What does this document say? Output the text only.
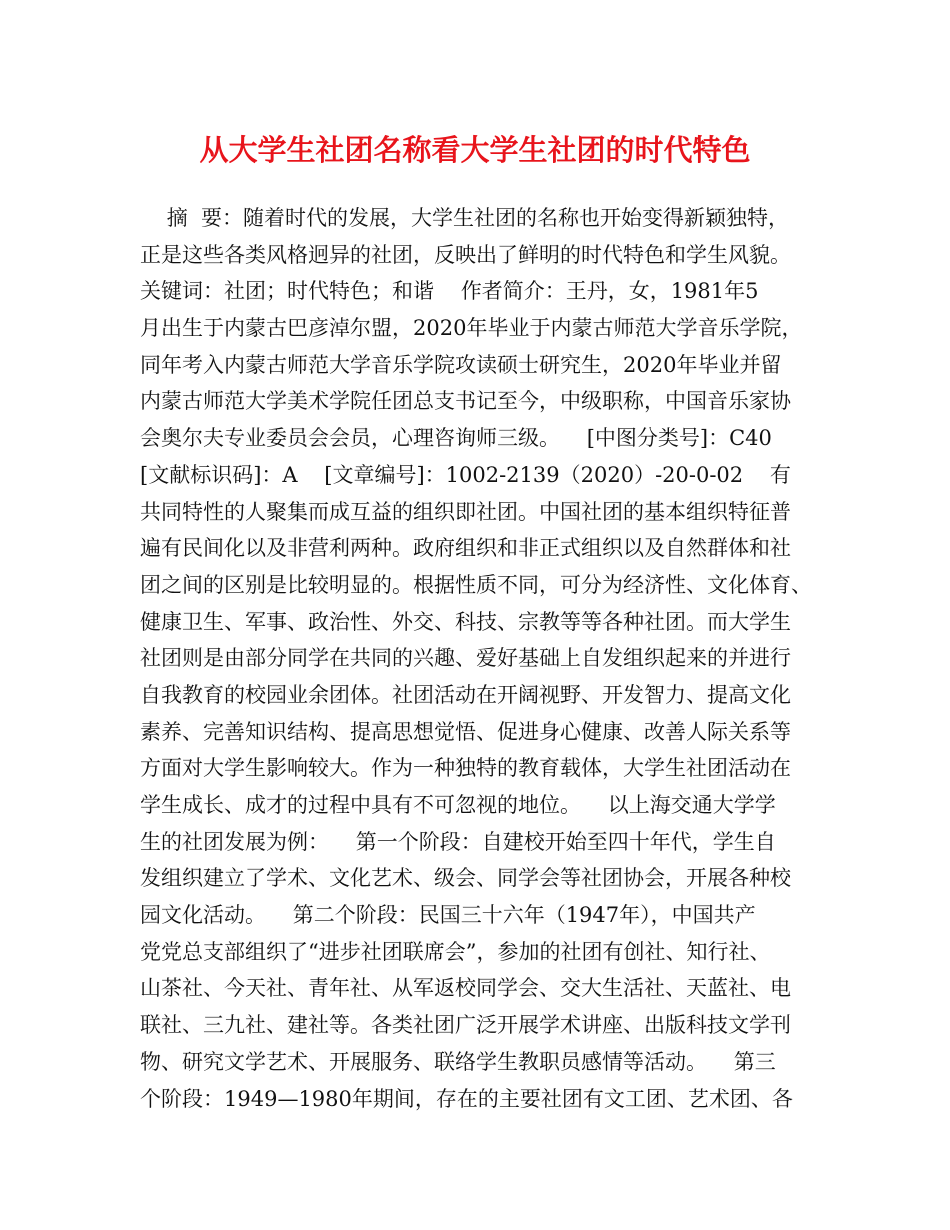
从大学生社团名称看大学生社团的时代特色
摘  要：随着时代的发展，大学生社团的名称也开始变得新颖独特，
正是这些各类风格迥异的社团，反映出了鲜明的时代特色和学生风貌。
关键词：社团；时代特色；和谐    作者简介：王丹，女，1981年5
月出生于内蒙古巴彦淖尔盟，2020年毕业于内蒙古师范大学音乐学院，
同年考入内蒙古师范大学音乐学院攻读硕士研究生，2020年毕业并留
内蒙古师范大学美术学院任团总支书记至今，中级职称，中国音乐家协
会奥尔夫专业委员会会员，心理咨询师三级。    [中图分类号]：C40
[文献标识码]：A    [文章编号]：1002-2139（2020）-20-0-02    有
共同特性的人聚集而成互益的组织即社团。中国社团的基本组织特征普
遍有民间化以及非营利两种。政府组织和非正式组织以及自然群体和社
团之间的区别是比较明显的。根据性质不同，可分为经济性、文化体育、
健康卫生、军事、政治性、外交、科技、宗教等等各种社团。而大学生
社团则是由部分同学在共同的兴趣、爱好基础上自发组织起来的并进行
自我教育的校园业余团体。社团活动在开阔视野、开发智力、提高文化
素养、完善知识结构、提高思想觉悟、促进身心健康、改善人际关系等
方面对大学生影响较大。作为一种独特的教育载体，大学生社团活动在
学生成长、成才的过程中具有不可忽视的地位。    以上海交通大学学
生的社团发展为例：    第一个阶段：自建校开始至四十年代，学生自
发组织建立了学术、文化艺术、级会、同学会等社团协会，开展各种校
园文化活动。    第二个阶段：民国三十六年（1947年），中国共产
党党总支部组织了“进步社团联席会”，参加的社团有创社、知行社、
山茶社、今天社、青年社、从军返校同学会、交大生活社、天蓝社、电
联社、三九社、建社等。各类社团广泛开展学术讲座、出版科技文学刊
物、研究文学艺术、开展服务、联络学生教职员感情等活动。    第三
个阶段：1949—1980年期间，存在的主要社团有文工团、艺术团、各
